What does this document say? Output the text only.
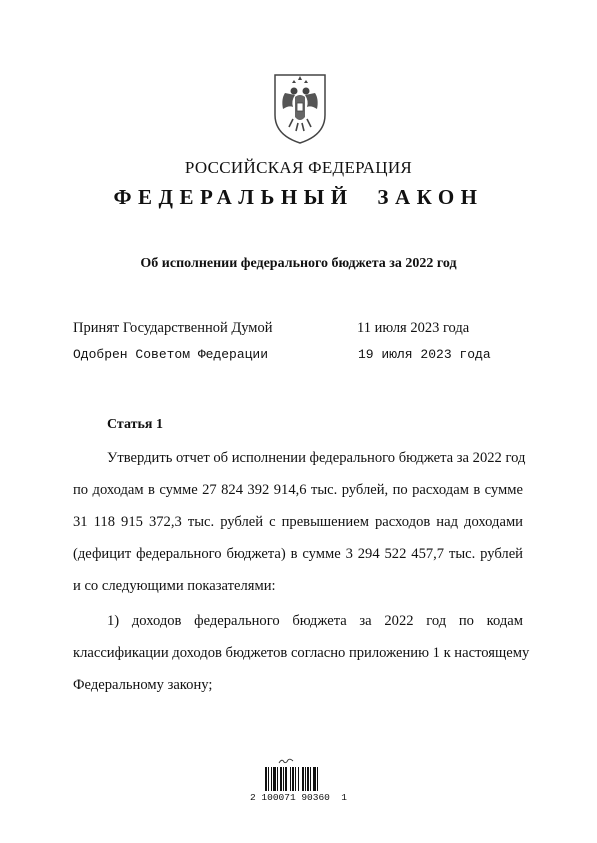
РОССИЙСКАЯ ФЕДЕРАЦИЯ
ФЕДЕРАЛЬНЫЙ ЗАКОН
Об исполнении федерального бюджета за 2022 год
Принят Государственной Думой	11 июля 2023 года
Одобрен Советом Федерации	19 июля 2023 года
Статья 1
Утвердить отчет об исполнении федерального бюджета за 2022 год
по доходам в сумме 27 824 392 914,6 тыс. рублей, по расходам в сумме
31 118 915 372,3 тыс. рублей с превышением расходов над доходами
(дефицит федерального бюджета) в сумме 3 294 522 457,7 тыс. рублей
и со следующими показателями:
1) доходов федерального бюджета за 2022 год по кодам
классификации доходов бюджетов согласно приложению 1 к настоящему
Федеральному закону;
2 100071 90360  1
